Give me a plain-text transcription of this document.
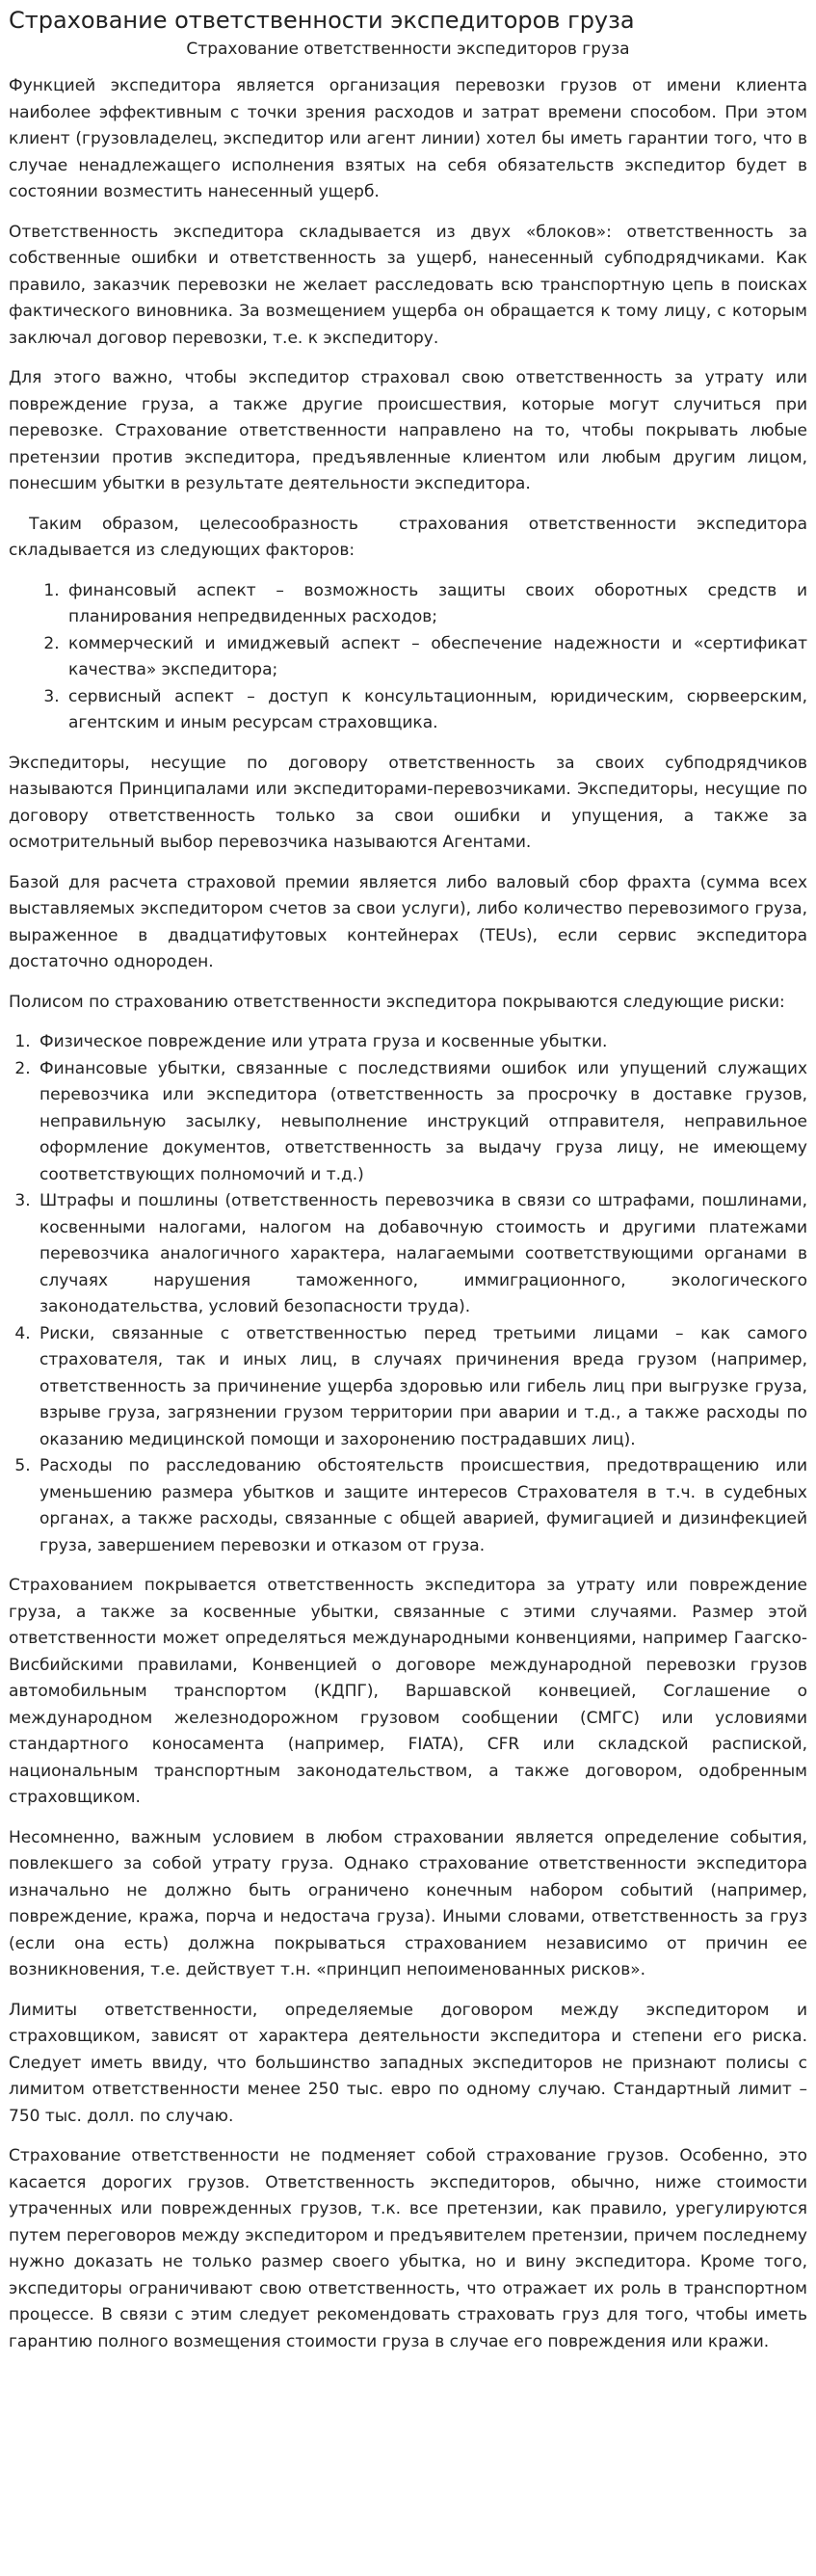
Страхование ответственности экспедиторов груза
Страхование ответственности экспедиторов груза

Функцией экспедитора является организация перевозки грузов от имени клиента наиболее эффективным с точки зрения расходов и затрат времени способом. При этом клиент (грузовладелец, экспедитор или агент линии) хотел бы иметь гарантии того, что в случае ненадлежащего исполнения взятых на себя обязательств экспедитор будет в состоянии возместить нанесенный ущерб.

Ответственность экспедитора складывается из двух «блоков»: ответственность за собственные ошибки и ответственность за ущерб, нанесенный субподрядчиками. Как правило, заказчик перевозки не желает расследовать всю транспортную цепь в поисках фактического виновника. За возмещением ущерба он обращается к тому лицу, с которым заключал договор перевозки, т.е. к экспедитору.

Для этого важно, чтобы экспедитор страховал свою ответственность за утрату или повреждение груза, а также другие происшествия, которые могут случиться при перевозке. Страхование ответственности направлено на то, чтобы покрывать любые претензии против экспедитора, предъявленные клиентом или любым другим лицом, понесшим убытки в результате деятельности экспедитора.

Таким образом, целесообразность  страхования ответственности экспедитора складывается из следующих факторов:

1. финансовый аспект – возможность защиты своих оборотных средств и планирования непредвиденных расходов;
2. коммерческий и имиджевый аспект – обеспечение надежности и «сертификат качества» экспедитора;
3. сервисный аспект – доступ к консультационным, юридическим, сюрвеерским, агентским и иным ресурсам страховщика.

Экспедиторы, несущие по договору ответственность за своих субподрядчиков называются Принципалами или экспедиторами-перевозчиками. Экспедиторы, несущие по договору ответственность только за свои ошибки и упущения, а также за осмотрительный выбор перевозчика называются Агентами.

Базой для расчета страховой премии является либо валовый сбор фрахта (сумма всех выставляемых экспедитором счетов за свои услуги), либо количество перевозимого груза, выраженное в двадцатифутовых контейнерах (TEUs), если сервис экспедитора достаточно однороден.

Полисом по страхованию ответственности экспедитора покрываются следующие риски:

1. Физическое повреждение или утрата груза и косвенные убытки.
2. Финансовые убытки, связанные с последствиями ошибок или упущений служащих перевозчика или экспедитора (ответственность за просрочку в доставке грузов, неправильную засылку, невыполнение инструкций отправителя, неправильное оформление документов, ответственность за выдачу груза лицу, не имеющему соответствующих полномочий и т.д.)
3. Штрафы и пошлины (ответственность перевозчика в связи со штрафами, пошлинами, косвенными налогами, налогом на добавочную стоимость и другими платежами перевозчика аналогичного характера, налагаемыми соответствующими органами в случаях нарушения таможенного, иммиграционного, экологического законодательства, условий безопасности труда).
4. Риски, связанные с ответственностью перед третьими лицами – как самого страхователя, так и иных лиц, в случаях причинения вреда грузом (например, ответственность за причинение ущерба здоровью или гибель лиц при выгрузке груза, взрыве груза, загрязнении грузом территории при аварии и т.д., а также расходы по оказанию медицинской помощи и захоронению пострадавших лиц).
5. Расходы по расследованию обстоятельств происшествия, предотвращению или уменьшению размера убытков и защите интересов Страхователя в т.ч. в судебных органах, а также расходы, связанные с общей аварией, фумигацией и дизинфекцией груза, завершением перевозки и отказом от груза.

Страхованием покрывается ответственность экспедитора за утрату или повреждение груза, а также за косвенные убытки, связанные с этими случаями. Размер этой ответственности может определяться международными конвенциями, например Гаагско-Висбийскими правилами, Конвенцией о договоре международной перевозки грузов автомобильным транспортом (КДПГ), Варшавской конвецией, Соглашение о международном железнодорожном грузовом сообщении (СМГС) или условиями стандартного коносамента (например, FIATA), CFR или складской распиской, национальным транспортным законодательством, а также договором, одобренным страховщиком.

Несомненно, важным условием в любом страховании является определение события, повлекшего за собой утрату груза. Однако страхование ответственности экспедитора изначально не должно быть ограничено конечным набором событий (например, повреждение, кража, порча и недостача груза). Иными словами, ответственность за груз (если она есть) должна покрываться страхованием независимо от причин ее возникновения, т.е. действует т.н. «принцип непоименованных рисков».

Лимиты ответственности, определяемые договором между экспедитором и страховщиком, зависят от характера деятельности экспедитора и степени его риска. Следует иметь ввиду, что большинство западных экспедиторов не признают полисы с лимитом ответственности менее 250 тыс. евро по одному случаю. Стандартный лимит – 750 тыс. долл. по случаю.

Страхование ответственности не подменяет собой страхование грузов. Особенно, это касается дорогих грузов. Ответственность экспедиторов, обычно, ниже стоимости утраченных или поврежденных грузов, т.к. все претензии, как правило, урегулируются путем переговоров между экспедитором и предъявителем претензии, причем последнему нужно доказать не только размер своего убытка, но и вину экспедитора. Кроме того, экспедиторы ограничивают свою ответственность, что отражает их роль в транспортном процессе. В связи с этим следует рекомендовать страховать груз для того, чтобы иметь гарантию полного возмещения стоимости груза в случае его повреждения или кражи.
